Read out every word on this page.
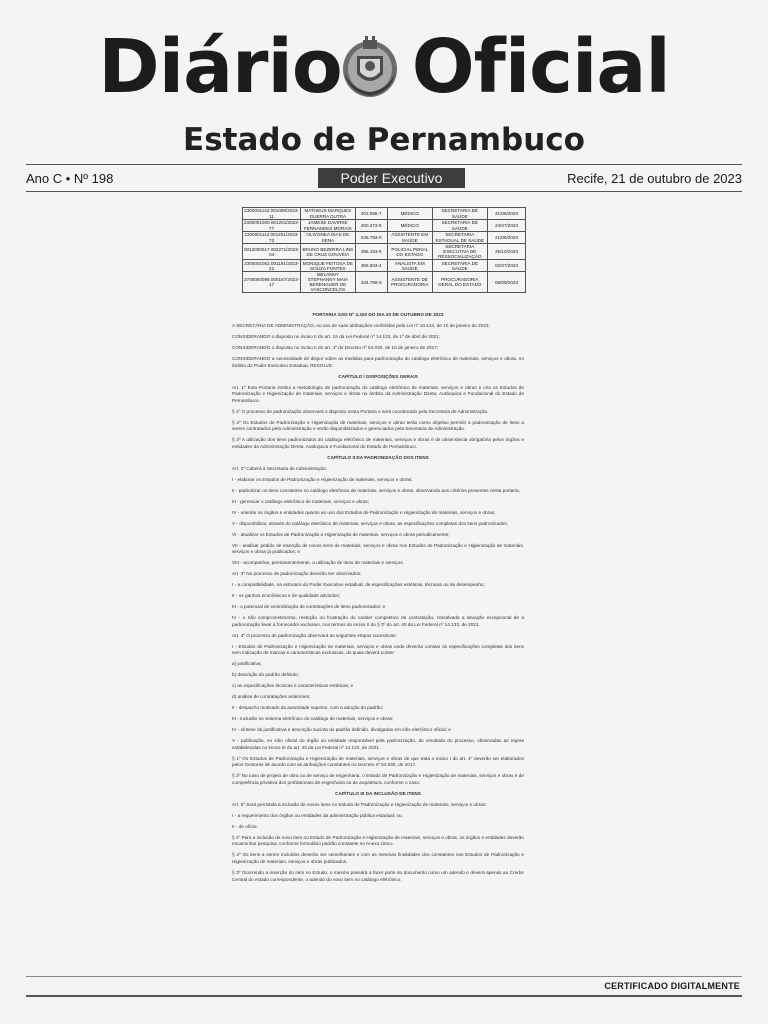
Diário Oficial
Estado de Pernambuco
Ano C • Nº 198	Poder Executivo	Recife, 21 de outubro de 2023
2300001142.001099/2023-11	MATHEUS MARQUES GUERRA DUTRA	403.595-7	MÉDICO	SECRETARIA DE SAÚDE	31/08/2023
2300001000.001201/2023-77	JAMESE DAVIRKE FERNANDES MORAIS	400.273-5	MÉDICO	SECRETARIA DE SAÚDE	24/07/2023
2300001112.001201/2023-73	OLIVONEA DIAS DE SENA	245.793-0	ASSISTENTE EM SAÚDE	SECRETARIA ESTADUAL DE SAÚDE	21/06/2023
0012000017.002271/2023-04	BRUNO BEZERRA LINS DE CRUZ GOUVEIA	395.193-5	POLICIAL PENAL DO ESTADO	SECRETARIA EXECUTIVA DE RESSOCIALIZAÇÃO	25/10/2023
2300001002.001191/2023-21	MONIQUE FEITOSA DE SOUZA FONTES	366.503-4	ANALISTA EM SAÚDE	SECRETARIA DE SAÚDE	02/07/2023
2700000099.000187/2023-17	MELANNY STEPHANNY MAIA BERENGUER DE VASCONCELOS	344.796-0	ASSISTENTE DE PROCURADORIA	PROCURADORIA GERAL DO ESTADO	06/09/2023

PORTARIA SAD Nº 4.320 DO DIA 20 DE OUTUBRO DE 2023

A SECRETÁRIA DE ADMINISTRAÇÃO, no uso de suas atribuições conferidas pela Lei nº 10.134, de 10 de janeiro de 2023;

CONSIDERANDO o disposto no inciso II do art. 19 da Lei Federal nº 14.133, de 1º de abril de 2021;

CONSIDERANDO o disposto no inciso II do art. 4º do Decreto nº 54.030, de 10 de janeiro de 2017;

CONSIDERANDO a necessidade de dispor sobre as medidas para padronização do catálogo eletrônico de materiais, serviços e obras, no âmbito do Poder Executivo Estadual, RESOLVE:

CAPÍTULO I DISPOSIÇÕES GERAIS

Art. 1º Esta Portaria institui a metodologia de padronização do catálogo eletrônico de materiais, serviços e obras e cria os Estudos de Padronização e Higienização de materiais, serviços e obras no âmbito da Administração Direta, Autárquica e Fundacional do Estado de Pernambuco.

§ 1º O processo de padronização observará o disposto nesta Portaria e será coordenado pela Secretaria de Administração.

§ 2º Os Estudos de Padronização e Higienização de materiais, serviços e obras terão como objetivo permitir a padronização de itens a serem contratados pela Administração e serão disponibilizados e gerenciados pela Secretaria de Administração.

§ 3º A utilização dos itens padronizados do catálogo eletrônico de materiais, serviços e obras é de observância obrigatória pelos órgãos e entidades da Administração Direta, Autárquica e Fundacional do Estado de Pernambuco.

CAPÍTULO II DA PADRONIZAÇÃO DOS ITENS

Art. 2º Caberá à Secretaria de Administração:

I - elaborar os Estudos de Padronização e Higienização de materiais, serviços e obras;

II - padronizar os itens constantes no catálogo eletrônico de materiais, serviços e obras, observando aos critérios presentes nesta portaria;

III - gerenciar o catálogo eletrônico de materiais, serviços e obras;

IV - orientar os órgãos e entidades quanto ao uso dos Estudos de Padronização e Higienização de materiais, serviços e obras;

V - disponibilizar, através do catálogo eletrônico de materiais, serviços e obras, as especificações completas dos itens padronizados;

VI - atualizar os Estudos de Padronização e Higienização de materiais, serviços e obras periodicamente;

VII - analisar pedido de inserção de novos itens de materiais, serviços e obras nos Estudos de Padronização e Higienização de materiais, serviços e obras já publicados; e

VIII - acompanhar, permanentemente, a utilização de itens de materiais e serviços.

Art. 3º No processo de padronização deverão ser observados:

I - a compatibilidade, na estrutura do Poder Executivo estadual, de especificações estéticas, técnicas ou de desempenho;

II - os ganhos econômicos e de qualidade advindos;

III - o potencial de centralização de contratações de itens padronizados; e

IV - o não comprometimento, restrição ou frustração do caráter competitivo da contratação, ressalvada a situação excepcional de a padronização levar a fornecedor exclusivo, nos termos do inciso II do § 3º do art. 40 da Lei Federal nº 14.133, de 2021.

Art. 4º O processo de padronização observará as seguintes etapas sucessivas:

I - Estudos de Padronização e Higienização de materiais, serviços e obras onde deverão constar as especificações completas dos itens sem indicação de marcas e características exclusivas, do quais deverá conter:

a) justificativa;

b) descrição do padrão definido;

c) as especificações técnicas e características estéticas; e

d) análise de contratações anteriores;

II - despacho motivado da autoridade superior, com a adoção do padrão;

III - inclusão no sistema eletrônico do catálogo de materiais, serviços e obras;

IV - síntese da justificativa e descrição sucinta do padrão definido, divulgadas em sítio eletrônico oficial; e

V - publicação, no sítio oficial do órgão ou entidade responsável pela padronização, do resultado do processo, observadas as regras estabelecidas no inciso III do art. 43 da Lei Federal nº 14.133, de 2021.

§ 1º Os Estudos de Padronização e Higienização de materiais, serviços e obras de que trata o inciso I do art. 4º deverão ser elaborados pelos Gestores de acordo com as atribuições constantes no Decreto nº 54.030, de 2017.

§ 2º No caso de projeto de obra ou de serviço de engenharia, o Estudo de Padronização e Higienização de materiais, serviços e obras é de competência privativa dos profissionais de engenharia ou de arquitetura, conforme o caso.

CAPÍTULO III DA INCLUSÃO DE ITENS

Art. 5º Será permitida a inclusão de novos itens no Estudo de Padronização e Higienização de materiais, serviços e obras:

I - a requerimento dos órgãos ou entidades da administração pública estadual; ou,

II - de ofício.

§ 1º Para a inclusão de novo item no Estudo de Padronização e Higienização de materiais, serviços e obras, os órgãos e entidades deverão encaminhar pesquisa, conforme formulário padrão constante no Anexo Único.

§ 2º Os itens a serem incluídos deverão ser semelhantes e com as mesmas finalidades dos constantes nos Estudos de Padronização e Higienização de materiais, serviços e obras publicados.

§ 3º Ocorrendo a inserção do item no Estudo, o mesmo passará a fazer parte do documento como um adendo e deverá apenas ao Credor Central do estado correspondente, o adendo do novo item no catálogo eletrônico.

CERTIFICADO DIGITALMENTE
